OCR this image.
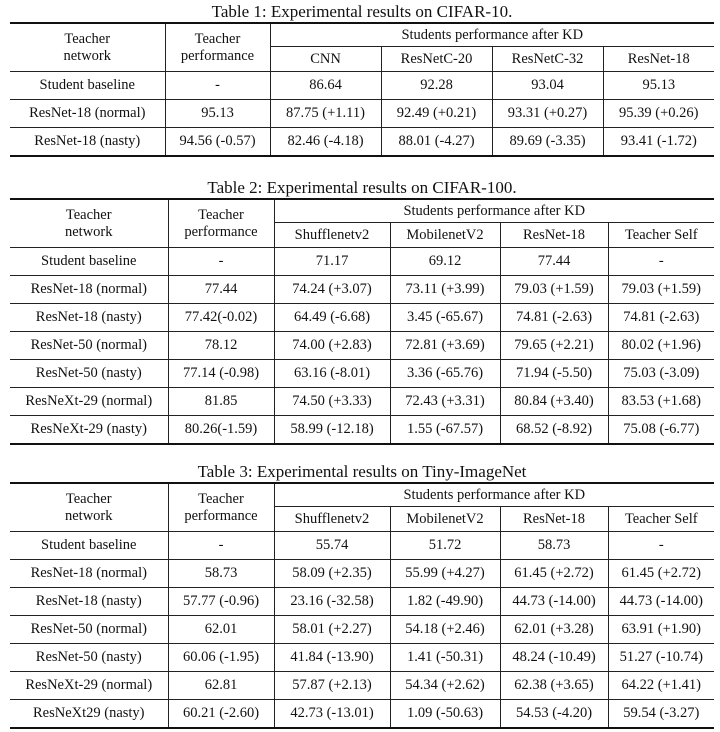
Table 1: Experimental results on CIFAR-10.
Teacher
network	Teacher
performance	Students performance after KD			
		CNN	ResNetC-20	ResNetC-32	ResNet-18
Student baseline	-	86.64	92.28	93.04	95.13
ResNet-18 (normal)	95.13	87.75 (+1.11)	92.49 (+0.21)	93.31 (+0.27)	95.39 (+0.26)
ResNet-18 (nasty)	94.56 (-0.57)	82.46 (-4.18)	88.01 (-4.27)	89.69 (-3.35)	93.41 (-1.72)
Table 2: Experimental results on CIFAR-100.
Teacher
network	Teacher
performance	Students performance after KD			
		Shufflenetv2	MobilenetV2	ResNet-18	Teacher Self
Student baseline	-	71.17	69.12	77.44	-
ResNet-18 (normal)	77.44	74.24 (+3.07)	73.11 (+3.99)	79.03 (+1.59)	79.03 (+1.59)
ResNet-18 (nasty)	77.42(-0.02)	64.49 (-6.68)	3.45 (-65.67)	74.81 (-2.63)	74.81 (-2.63)
ResNet-50 (normal)	78.12	74.00 (+2.83)	72.81 (+3.69)	79.65 (+2.21)	80.02 (+1.96)
ResNet-50 (nasty)	77.14 (-0.98)	63.16 (-8.01)	3.36 (-65.76)	71.94 (-5.50)	75.03 (-3.09)
ResNeXt-29 (normal)	81.85	74.50 (+3.33)	72.43 (+3.31)	80.84 (+3.40)	83.53 (+1.68)
ResNeXt-29 (nasty)	80.26(-1.59)	58.99 (-12.18)	1.55 (-67.57)	68.52 (-8.92)	75.08 (-6.77)
Table 3: Experimental results on Tiny-ImageNet
Teacher
network	Teacher
performance	Students performance after KD			
		Shufflenetv2	MobilenetV2	ResNet-18	Teacher Self
Student baseline	-	55.74	51.72	58.73	-
ResNet-18 (normal)	58.73	58.09 (+2.35)	55.99 (+4.27)	61.45 (+2.72)	61.45 (+2.72)
ResNet-18 (nasty)	57.77 (-0.96)	23.16 (-32.58)	1.82 (-49.90)	44.73 (-14.00)	44.73 (-14.00)
ResNet-50 (normal)	62.01	58.01 (+2.27)	54.18 (+2.46)	62.01 (+3.28)	63.91 (+1.90)
ResNet-50 (nasty)	60.06 (-1.95)	41.84 (-13.90)	1.41 (-50.31)	48.24 (-10.49)	51.27 (-10.74)
ResNeXt-29 (normal)	62.81	57.87 (+2.13)	54.34 (+2.62)	62.38 (+3.65)	64.22 (+1.41)
ResNeXt29 (nasty)	60.21 (-2.60)	42.73 (-13.01)	1.09 (-50.63)	54.53 (-4.20)	59.54 (-3.27)
